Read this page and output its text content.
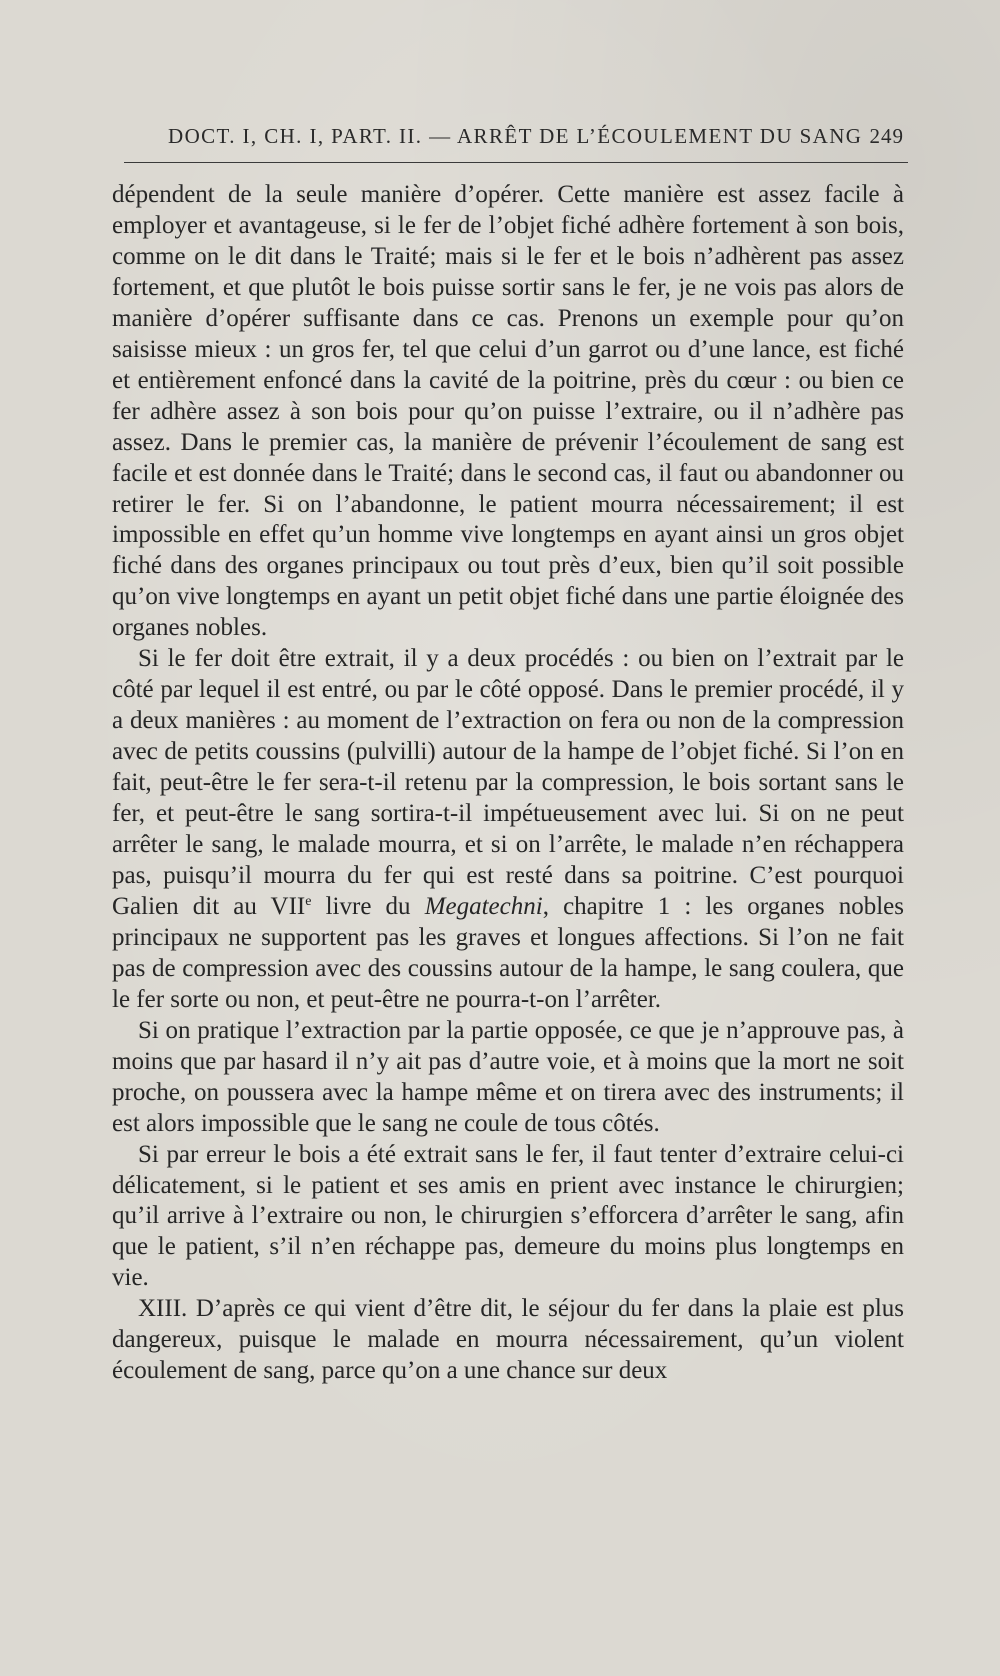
DOCT. I, CH. I, PART. II. — ARRÊT DE L’ÉCOULEMENT DU SANG 249

dépendent de la seule manière d’opérer. Cette manière est assez facile à employer et avantageuse, si le fer de l’objet fiché adhère fortement à son bois, comme on le dit dans le Traité; mais si le fer et le bois n’adhèrent pas assez fortement, et que plutôt le bois puisse sortir sans le fer, je ne vois pas alors de manière d’opérer suffisante dans ce cas. Prenons un exemple pour qu’on saisisse mieux : un gros fer, tel que celui d’un garrot ou d’une lance, est fiché et entièrement enfoncé dans la cavité de la poitrine, près du cœur : ou bien ce fer adhère assez à son bois pour qu’on puisse l’extraire, ou il n’adhère pas assez. Dans le premier cas, la manière de prévenir l’écoulement de sang est facile et est donnée dans le Traité; dans le second cas, il faut ou abandonner ou retirer le fer. Si on l’abandonne, le patient mourra nécessairement; il est impossible en effet qu’un homme vive longtemps en ayant ainsi un gros objet fiché dans des organes principaux ou tout près d’eux, bien qu’il soit possible qu’on vive longtemps en ayant un petit objet fiché dans une partie éloignée des organes nobles.

Si le fer doit être extrait, il y a deux procédés : ou bien on l’extrait par le côté par lequel il est entré, ou par le côté opposé. Dans le premier procédé, il y a deux manières : au moment de l’extraction on fera ou non de la compression avec de petits coussins (pulvilli) autour de la hampe de l’objet fiché. Si l’on en fait, peut-être le fer sera-t-il retenu par la compression, le bois sortant sans le fer, et peut-être le sang sortira-t-il impétueusement avec lui. Si on ne peut arrêter le sang, le malade mourra, et si on l’arrête, le malade n’en réchappera pas, puisqu’il mourra du fer qui est resté dans sa poitrine. C’est pourquoi Galien dit au VIIe livre du Megatechni, chapitre 1 : les organes nobles principaux ne supportent pas les graves et longues affections. Si l’on ne fait pas de compression avec des coussins autour de la hampe, le sang coulera, que le fer sorte ou non, et peut-être ne pourra-t-on l’arrêter.

Si on pratique l’extraction par la partie opposée, ce que je n’approuve pas, à moins que par hasard il n’y ait pas d’autre voie, et à moins que la mort ne soit proche, on poussera avec la hampe même et on tirera avec des instruments; il est alors impossible que le sang ne coule de tous côtés.

Si par erreur le bois a été extrait sans le fer, il faut tenter d’extraire celui-ci délicatement, si le patient et ses amis en prient avec instance le chirurgien; qu’il arrive à l’extraire ou non, le chirurgien s’efforcera d’arrêter le sang, afin que le patient, s’il n’en réchappe pas, demeure du moins plus longtemps en vie.

XIII. D’après ce qui vient d’être dit, le séjour du fer dans la plaie est plus dangereux, puisque le malade en mourra nécessairement, qu’un violent écoulement de sang, parce qu’on a une chance sur deux
